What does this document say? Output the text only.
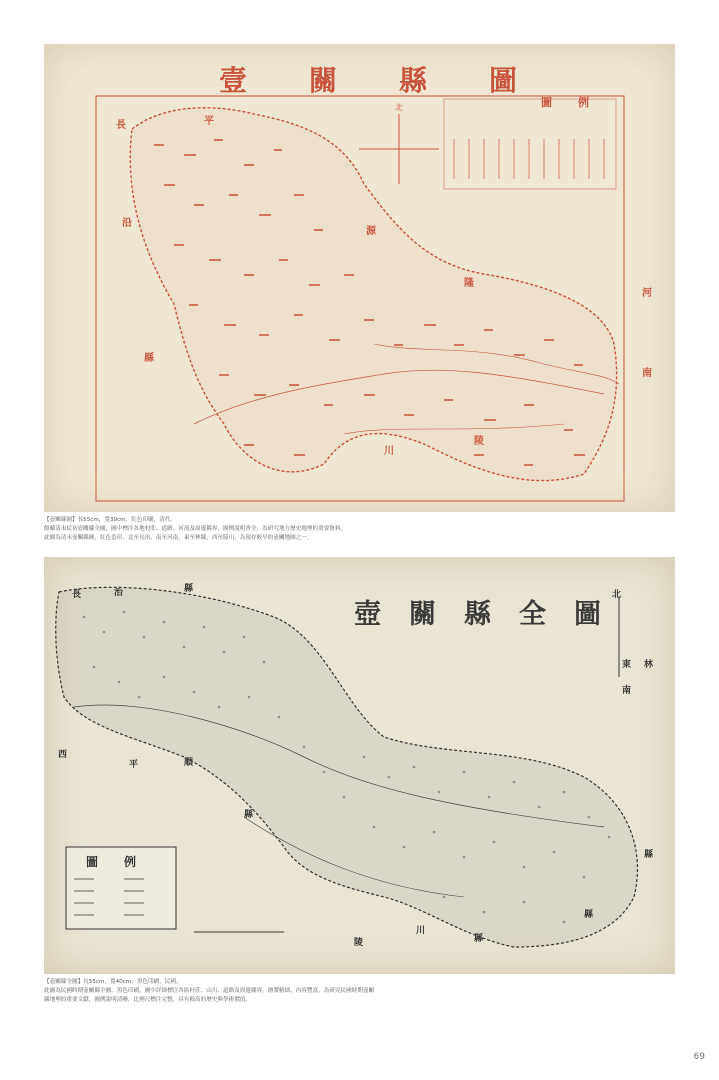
壹關縣圖
圖例
北
長	平
沿
縣
河
南
隆
陵
川
源

【壺關縣圖】長55cm，寬39cm，紅色印刷，清代。

館藏清末民初壺關縣全圖，圖中標注各地村莊、道路、河流及周邊縣界，圖例說明齊全，為研究地方歷史地理的重要資料。

此圖為清末壺關縣圖，紅色套印，北至長治，南至河南，東至林縣，西至陵川，為現存較早的壺關地圖之一。

壺關縣全圖
圖例
長	治	縣
林
縣
陵
川
縣
東
南
西
北
平	順
縣
縣

【壺關縣全圖】長55cm，寬40cm，黑色印刷，民國。

此圖為民國時期壺關縣全圖，黑色印刷，圖中詳細標注各區村莊、山川、道路及周邊縣界，繪製精細，內容豐富，為研究民國時期壺關

縣地理的重要文獻，圖例說明清晰，比例尺標注完整，具有較高的歷史與學術價值。

69
